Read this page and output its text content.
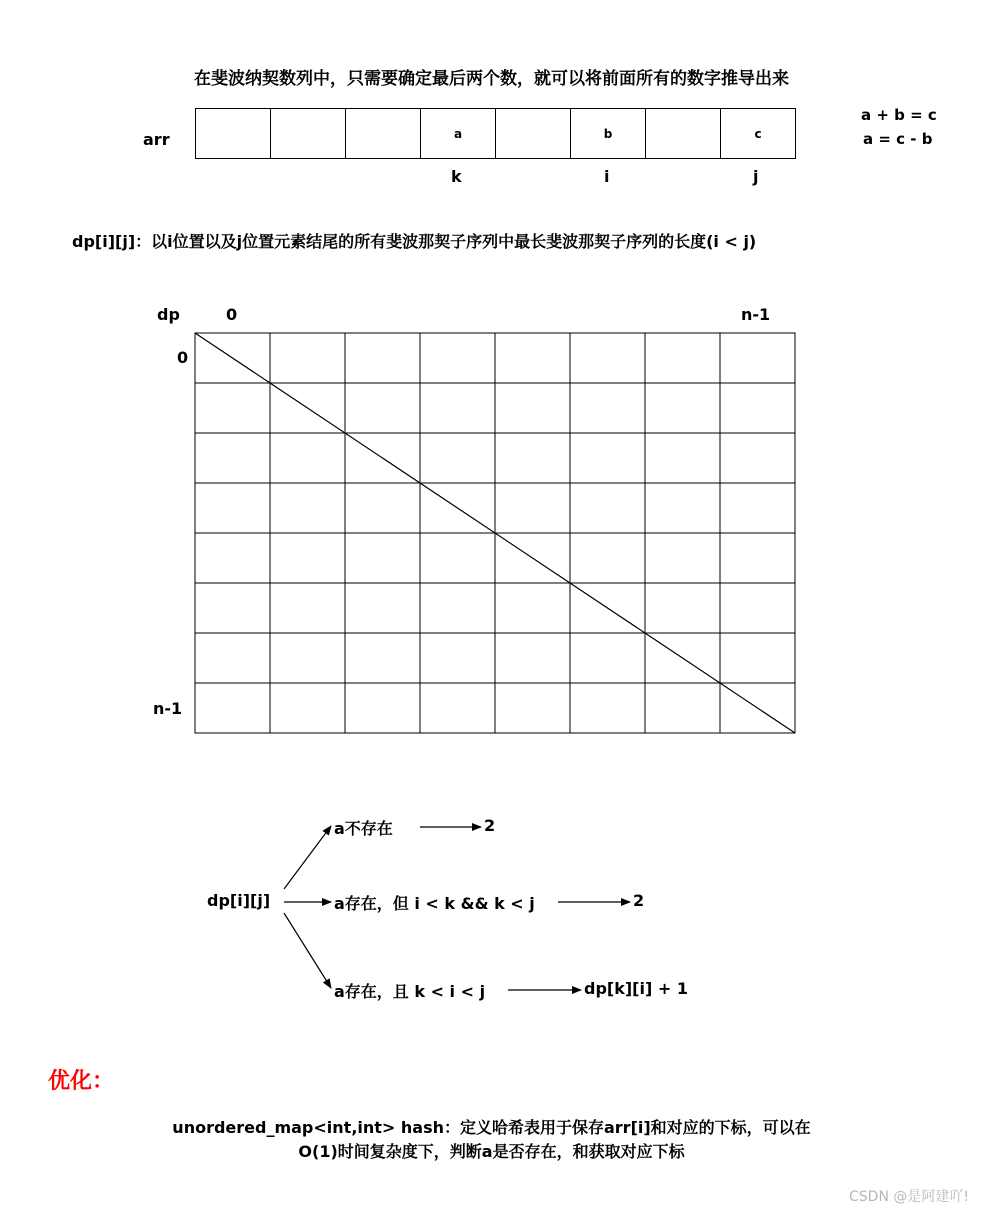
在斐波纳契数列中，只需要确定最后两个数，就可以将前面所有的数字推导出来
arr	a	b	c
k	i	j
a + b = c
a = c - b
dp[i][j]：以i位置以及j位置元素结尾的所有斐波那契子序列中最长斐波那契子序列的长度(i < j)
dp	0	n-1
0
n-1
dp[i][j]
a不存在	2
a存在，但 i < k && k < j	2
a存在，且 k < i < j	dp[k][i] + 1
优化：
unordered_map<int,int> hash：定义哈希表用于保存arr[i]和对应的下标，可以在
O(1)时间复杂度下，判断a是否存在，和获取对应下标
CSDN @是阿建吖!
